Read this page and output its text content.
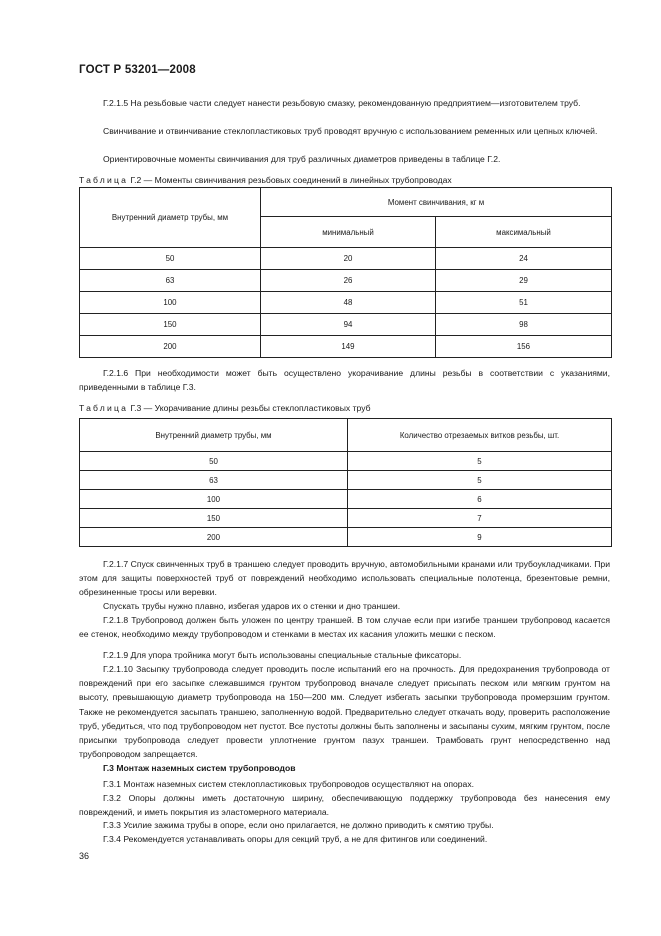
ГОСТ Р 53201—2008

Г.2.1.5 На резьбовые части следует нанести резьбовую смазку, рекомендованную предприятием—изготовителем труб.

Свинчивание и отвинчивание стеклопластиковых труб проводят вручную с использованием ременных или цепных ключей.

Ориентировочные моменты свинчивания для труб различных диаметров приведены в таблице Г.2.

Таблица Г.2 — Моменты свинчивания резьбовых соединений в линейных трубопроводах
Внутренний диаметр трубы, мм	Момент свинчивания, кг м	
	минимальный	максимальный
50	20	24
63	26	29
100	48	51
150	94	98
200	149	156

Г.2.1.6 При необходимости может быть осуществлено укорачивание длины резьбы в соответствии с указаниями, приведенными в таблице Г.3.

Таблица Г.3 — Укорачивание длины резьбы стеклопластиковых труб
Внутренний диаметр трубы, мм	Количество отрезаемых витков резьбы, шт.
50	5
63	5
100	6
150	7
200	9

Г.2.1.7 Спуск свинченных труб в траншею следует проводить вручную, автомобильными кранами или трубоукладчиками. При этом для защиты поверхностей труб от повреждений необходимо использовать специальные полотенца, брезентовые ремни, обрезиненные тросы или веревки.

Спускать трубы нужно плавно, избегая ударов их о стенки и дно траншеи.

Г.2.1.8 Трубопровод должен быть уложен по центру траншей. В том случае если при изгибе траншеи трубопровод касается ее стенок, необходимо между трубопроводом и стенками в местах их касания уложить мешки с песком.

Г.2.1.9 Для упора тройника могут быть использованы специальные стальные фиксаторы.

Г.2.1.10 Засыпку трубопровода следует проводить после испытаний его на прочность. Для предохранения трубопровода от повреждений при его засыпке слежавшимся грунтом трубопровод вначале следует присыпать песком или мягким грунтом на высоту, превышающую диаметр трубопровода на 150—200 мм. Следует избегать засыпки трубопровода промерзшим грунтом. Также не рекомендуется засыпать траншею, заполненную водой. Предварительно следует откачать воду, проверить расположение труб, убедиться, что под трубопроводом нет пустот. Все пустоты должны быть заполнены и засыпаны сухим, мягким грунтом, после присыпки трубопровода следует провести уплотнение грунтом пазух траншеи. Трамбовать грунт непосредственно над трубопроводом запрещается.

Г.3 Монтаж наземных систем трубопроводов

Г.3.1 Монтаж наземных систем стеклопластиковых трубопроводов осуществляют на опорах.

Г.3.2 Опоры должны иметь достаточную ширину, обеспечивающую поддержку трубопровода без нанесения ему повреждений, и иметь покрытия из эластомерного материала.

Г.3.3 Усилие зажима трубы в опоре, если оно прилагается, не должно приводить к смятию трубы.

Г.3.4 Рекомендуется устанавливать опоры для секций труб, а не для фитингов или соединений.

36
